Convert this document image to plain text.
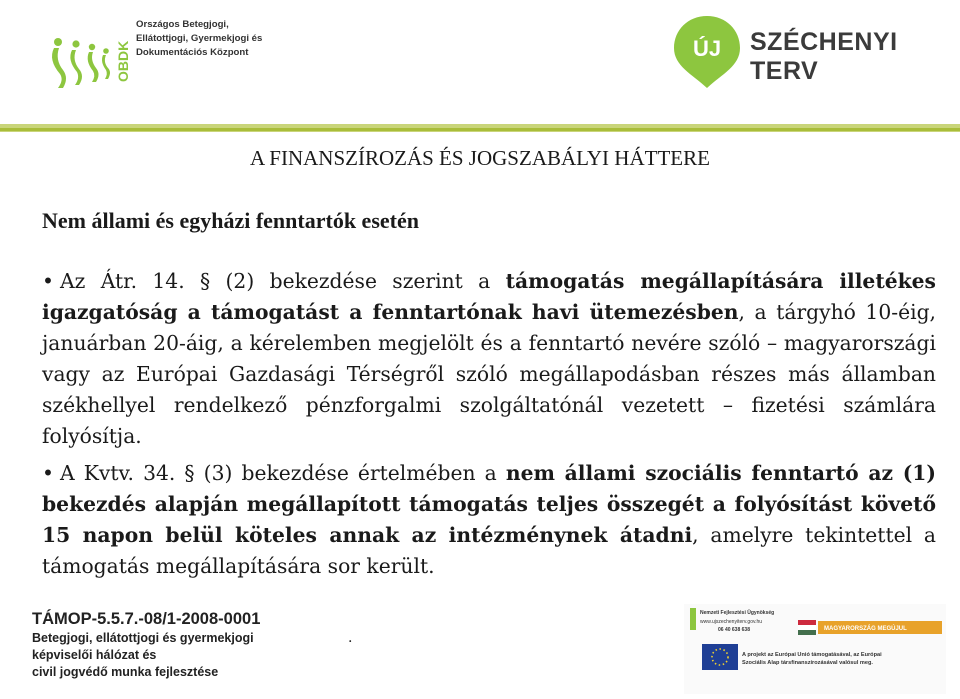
OBDK
Országos Betegjogi,
Ellátottjogi, Gyermekjogi és
Dokumentációs Központ	ÚJ SZÉCHENYI TERV
A FINANSZÍROZÁS ÉS JOGSZABÁLYI HÁTTERE
Nem állami és egyházi fenntartók esetén
• Az Átr. 14. § (2) bekezdése szerint a támogatás megállapítására illetékes igazgatóság a támogatást a fenntartónak havi ütemezésben, a tárgyhó 10-éig, januárban 20-áig, a kérelemben megjelölt és a fenntartó nevére szóló – magyarországi vagy az Európai Gazdasági Térségről szóló megállapodásban részes más államban székhellyel rendelkező pénzforgalmi szolgáltatónál vezetett – fizetési számlára folyósítja.
• A Kvtv. 34. § (3) bekezdése értelmében a nem állami szociális fenntartó az (1) bekezdés alapján megállapított támogatás teljes összegét a folyósítást követő 15 napon belül köteles annak az intézménynek átadni, amelyre tekintettel a támogatás megállapítására sor került.
TÁMOP-5.5.7.-08/1-2008-0001
Betegjogi, ellátottjogi és gyermekjogi
képviselői hálózat és
civil jogvédő munka fejlesztése
.
Nemzeti Fejlesztési Ügynökség
www.ujszechenyiterv.gov.hu
06 40 638 638	MAGYARORSZÁG MEGÚJUL
A projekt az Európai Unió támogatásával, az Európai
Szociális Alap társfinanszírozásával valósul meg.
